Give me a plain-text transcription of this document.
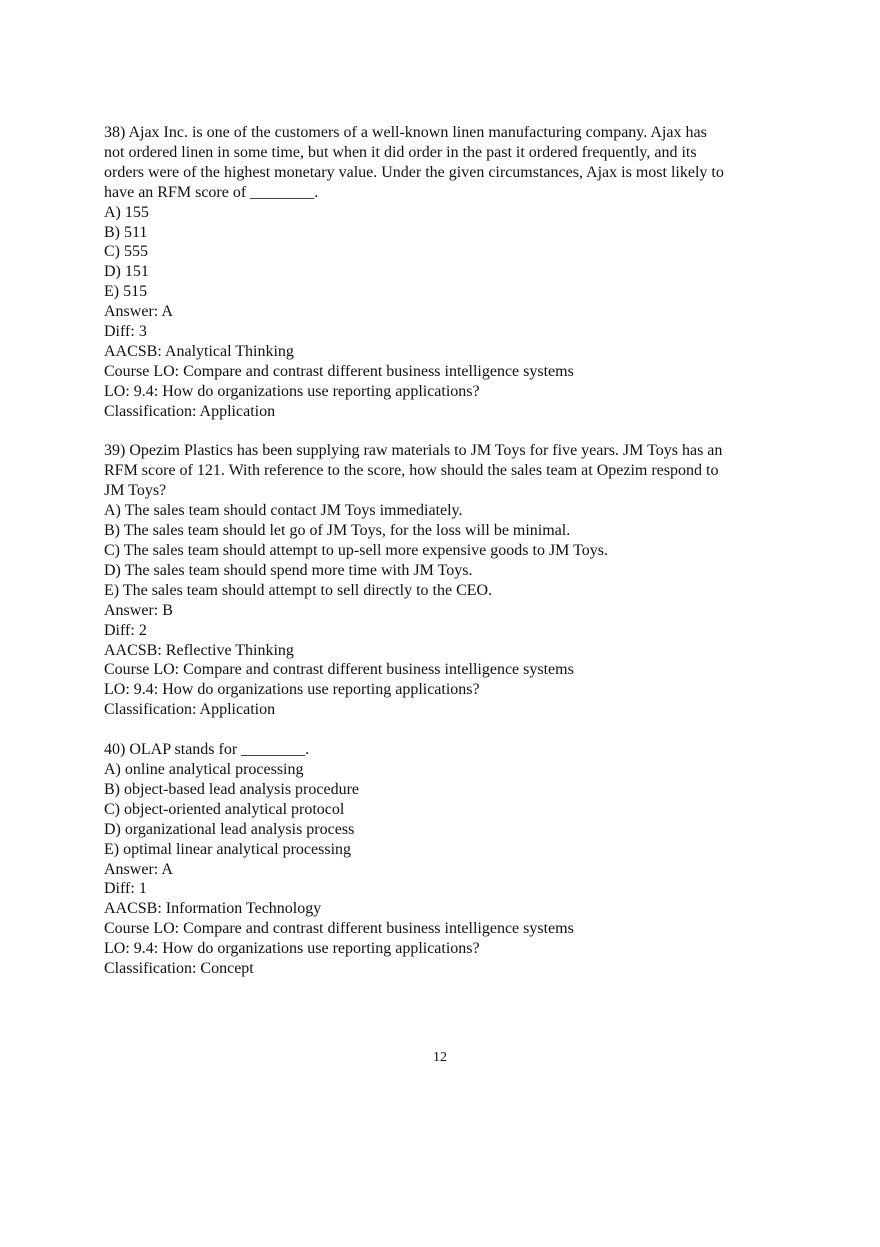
38) Ajax Inc. is one of the customers of a well-known linen manufacturing company. Ajax has
not ordered linen in some time, but when it did order in the past it ordered frequently, and its
orders were of the highest monetary value. Under the given circumstances, Ajax is most likely to
have an RFM score of ________.
A) 155
B) 511
C) 555
D) 151
E) 515
Answer: A
Diff: 3
AACSB: Analytical Thinking
Course LO: Compare and contrast different business intelligence systems
LO: 9.4: How do organizations use reporting applications?
Classification: Application
39) Opezim Plastics has been supplying raw materials to JM Toys for five years. JM Toys has an
RFM score of 121. With reference to the score, how should the sales team at Opezim respond to
JM Toys?
A) The sales team should contact JM Toys immediately.
B) The sales team should let go of JM Toys, for the loss will be minimal.
C) The sales team should attempt to up-sell more expensive goods to JM Toys.
D) The sales team should spend more time with JM Toys.
E) The sales team should attempt to sell directly to the CEO.
Answer: B
Diff: 2
AACSB: Reflective Thinking
Course LO: Compare and contrast different business intelligence systems
LO: 9.4: How do organizations use reporting applications?
Classification: Application
40) OLAP stands for ________.
A) online analytical processing
B) object-based lead analysis procedure
C) object-oriented analytical protocol
D) organizational lead analysis process
E) optimal linear analytical processing
Answer: A
Diff: 1
AACSB: Information Technology
Course LO: Compare and contrast different business intelligence systems
LO: 9.4: How do organizations use reporting applications?
Classification: Concept
12
